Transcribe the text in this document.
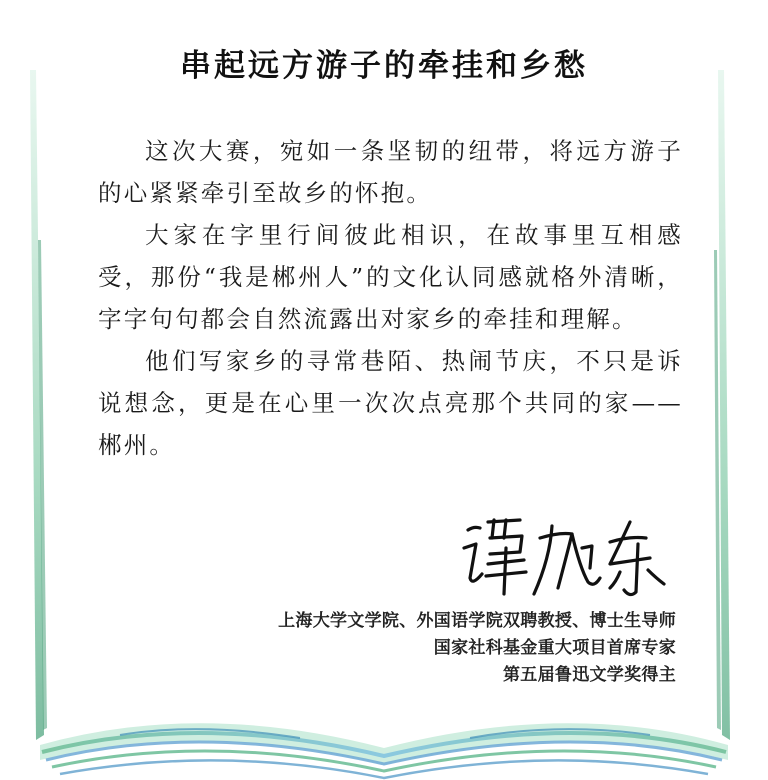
串起远方游子的牵挂和乡愁

这次大赛，宛如一条坚韧的纽带，将远方游子的心紧紧牵引至故乡的怀抱。

大家在字里行间彼此相识，在故事里互相感受，那份“我是郴州人”的文化认同感就格外清晰，字字句句都会自然流露出对家乡的牵挂和理解。

他们写家乡的寻常巷陌、热闹节庆，不只是诉说想念，更是在心里一次次点亮那个共同的家——郴州。

上海大学文学院、外国语学院双聘教授、博士生导师
国家社科基金重大项目首席专家
第五届鲁迅文学奖得主
